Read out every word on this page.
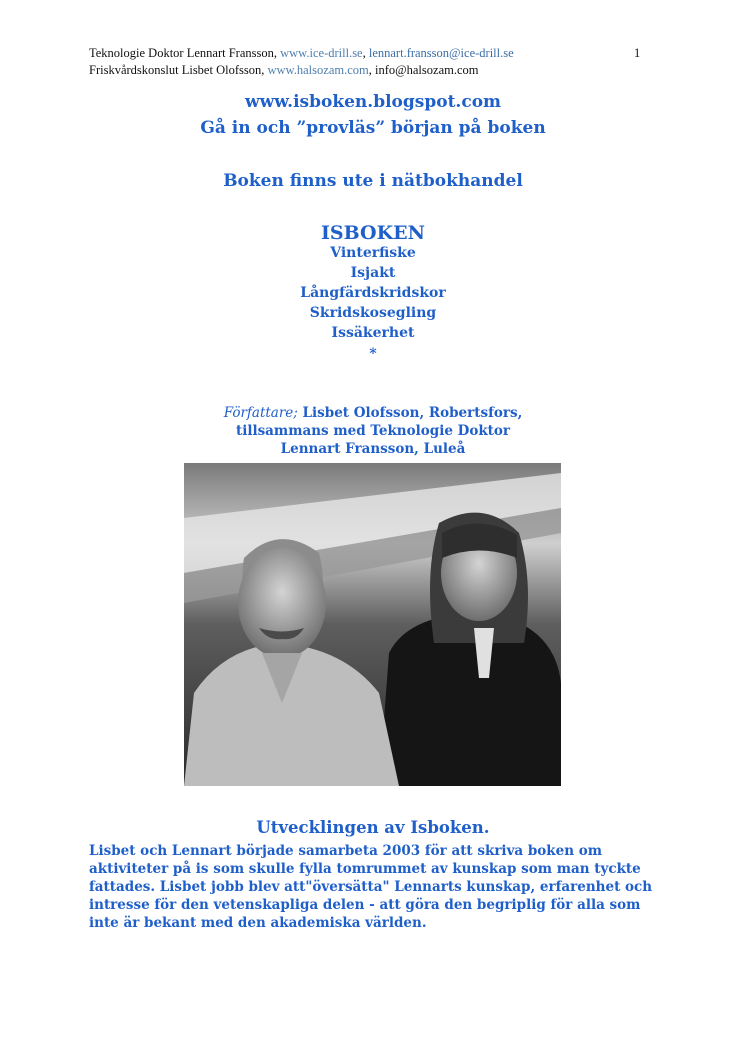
Teknologie Doktor Lennart Fransson, www.ice-drill.se, lennart.fransson@ice-drill.se	1
Friskvårdskonslut Lisbet Olofsson, www.halsozam.com, info@halsozam.com
www.isboken.blogspot.com
Gå in och ”provläs” början på boken
Boken finns ute i nätbokhandel
ISBOKEN
Vinterfiske
Isjakt
Långfärdskridskor
Skridskosegling
Issäkerhet
*
Författare; Lisbet Olofsson, Robertsfors,
tillsammans med Teknologie Doktor
Lennart Fransson, Luleå
Utvecklingen av Isboken.
Lisbet och Lennart började samarbeta 2003 för att skriva boken om aktiviteter på is som skulle fylla tomrummet av kunskap som man tyckte fattades. Lisbet jobb blev att"översätta" Lennarts kunskap, erfarenhet och intresse för den vetenskapliga delen - att göra den begriplig för alla som inte är bekant med den akademiska världen.
